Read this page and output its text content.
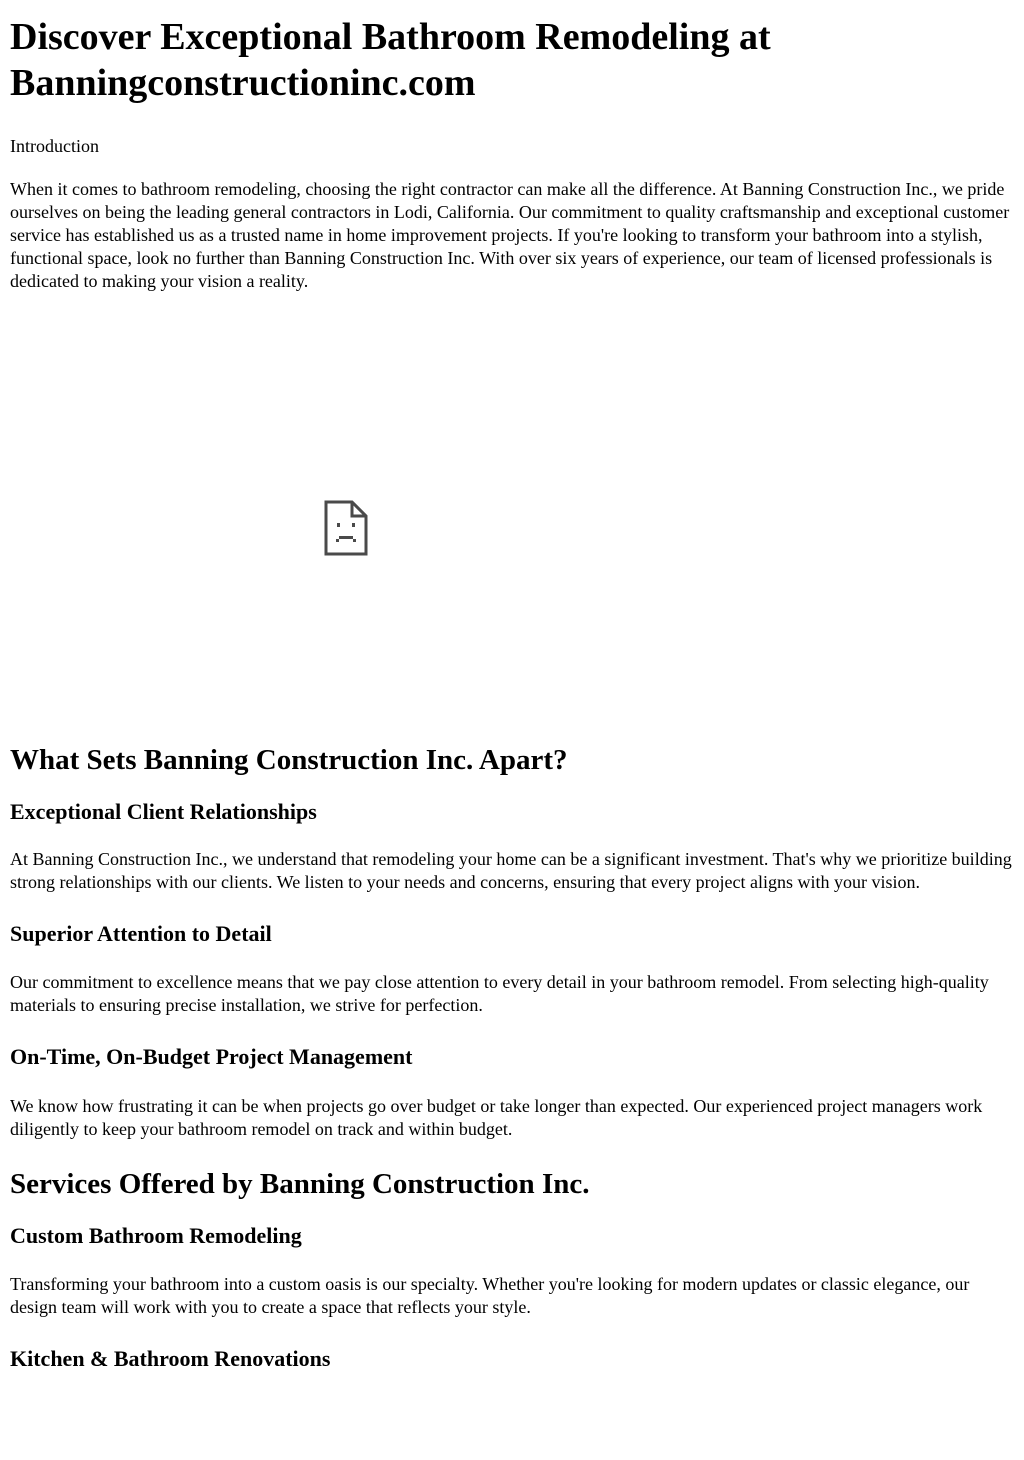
Discover Exceptional Bathroom Remodeling at Banningconstructioninc.com

Introduction

When it comes to bathroom remodeling, choosing the right contractor can make all the difference. At Banning Construction Inc., we pride ourselves on being the leading general contractors in Lodi, California. Our commitment to quality craftsmanship and exceptional customer service has established us as a trusted name in home improvement projects. If you're looking to transform your bathroom into a stylish, functional space, look no further than Banning Construction Inc. With over six years of experience, our team of licensed professionals is dedicated to making your vision a reality.

What Sets Banning Construction Inc. Apart?
Exceptional Client Relationships

At Banning Construction Inc., we understand that remodeling your home can be a significant investment. That's why we prioritize building strong relationships with our clients. We listen to your needs and concerns, ensuring that every project aligns with your vision.

Superior Attention to Detail

Our commitment to excellence means that we pay close attention to every detail in your bathroom remodel. From selecting high-quality materials to ensuring precise installation, we strive for perfection.

On-Time, On-Budget Project Management

We know how frustrating it can be when projects go over budget or take longer than expected. Our experienced project managers work diligently to keep your bathroom remodel on track and within budget.

Services Offered by Banning Construction Inc.
Custom Bathroom Remodeling

Transforming your bathroom into a custom oasis is our specialty. Whether you're looking for modern updates or classic elegance, our design team will work with you to create a space that reflects your style.

Kitchen & Bathroom Renovations
